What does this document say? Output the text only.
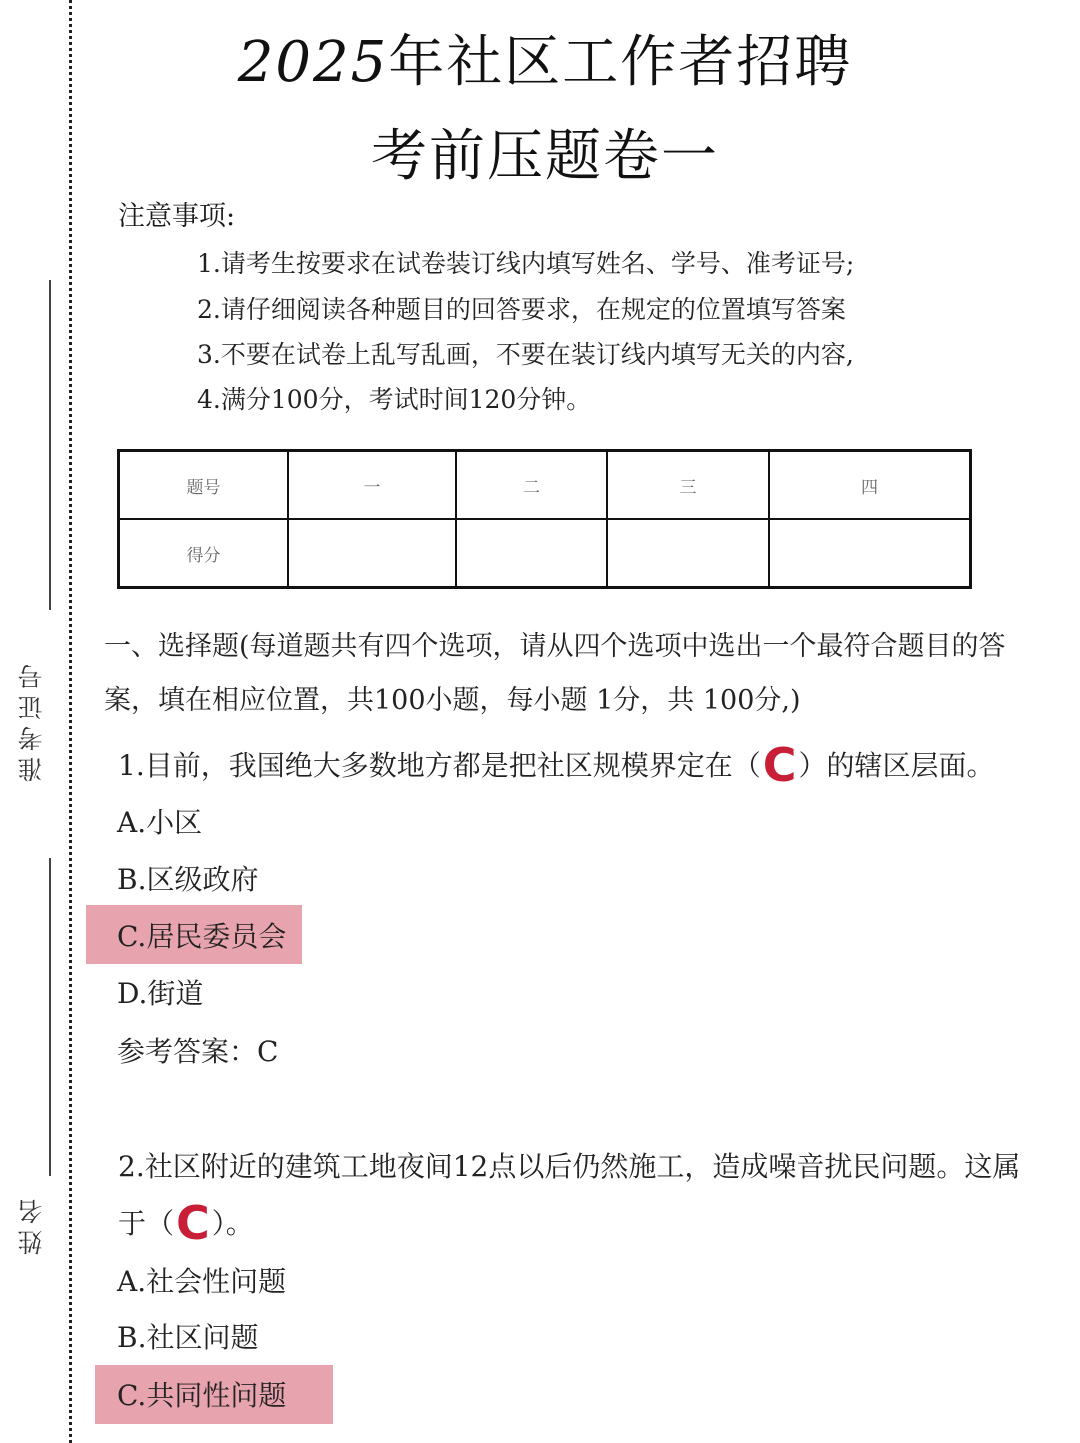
准考证号
姓名
2025年社区工作者招聘
考前压题卷一
注意事项:
1.请考生按要求在试卷装订线内填写姓名、学号、准考证号;
2.请仔细阅读各种题目的回答要求，在规定的位置填写答案
3.不要在试卷上乱写乱画，不要在装订线内填写无关的内容,
4.满分100分，考试时间120分钟。
题号	一	二	三	四
得分				
一、选择题(每道题共有四个选项，请从四个选项中选出一个最符合题目的答案，填在相应位置，共100小题，每小题 1分，共 100分,)
1.目前，我国绝大多数地方都是把社区规模界定在（C）的辖区层面。
A.小区
B.区级政府
C.居民委员会
D.街道
参考答案：C
2.社区附近的建筑工地夜间12点以后仍然施工，造成噪音扰民问题。这属
于（C）。
A.社会性问题
B.社区问题
C.共同性问题
